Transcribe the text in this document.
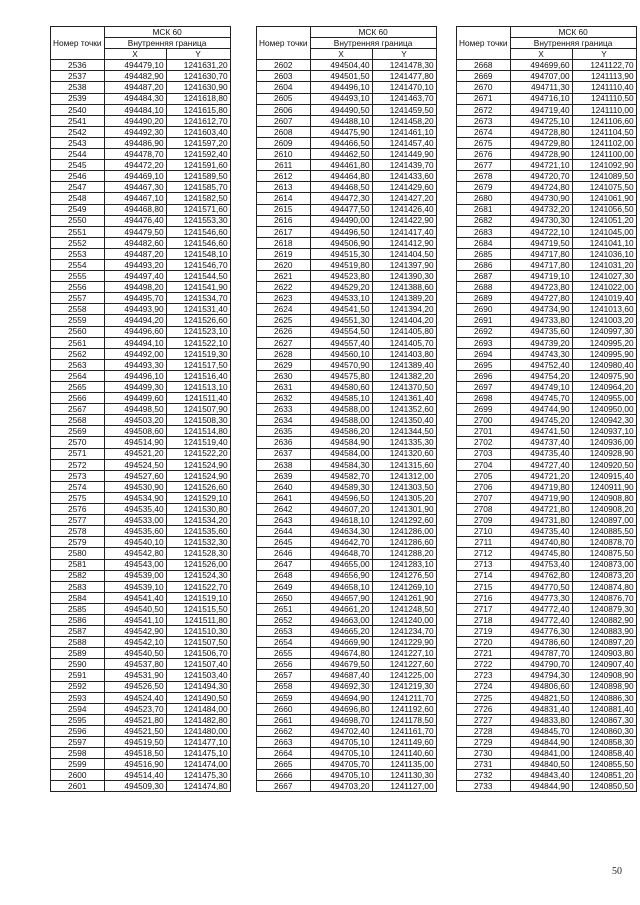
Номер точки	МСК 60	
	Внутренняя граница	
	X	Y
2536	494479,10	1241631,20
2537	494482,90	1241630,70
2538	494487,20	1241630,90
2539	494484,30	1241618,80
2540	494484,10	1241615,80
2541	494490,20	1241612,70
2542	494492,30	1241603,40
2543	494486,90	1241597,20
2544	494478,70	1241592,40
2545	494472,20	1241591,60
2546	494469,10	1241589,50
2547	494467,30	1241585,70
2548	494467,10	1241582,50
2549	494468,80	1241571,60
2550	494476,40	1241553,30
2551	494479,50	1241546,60
2552	494482,60	1241546,60
2553	494487,20	1241548,10
2554	494493,20	1241546,70
2555	494497,40	1241544,50
2556	494498,20	1241541,90
2557	494495,70	1241534,70
2558	494493,90	1241531,40
2559	494494,20	1241526,60
2560	494496,60	1241523,10
2561	494494,10	1241522,10
2562	494492,00	1241519,30
2563	494493,30	1241517,50
2564	494496,10	1241516,40
2565	494499,30	1241513,10
2566	494499,60	1241511,40
2567	494498,50	1241507,90
2568	494503,20	1241508,30
2569	494508,60	1241514,80
2570	494514,90	1241519,40
2571	494521,20	1241522,20
2572	494524,50	1241524,90
2573	494527,60	1241524,90
2574	494530,90	1241526,60
2575	494534,90	1241529,10
2576	494535,40	1241530,80
2577	494533,00	1241534,20
2578	494535,60	1241535,60
2579	494540,10	1241532,30
2580	494542,80	1241528,30
2581	494543,00	1241526,00
2582	494539,00	1241524,30
2583	494539,10	1241522,70
2584	494541,40	1241519,10
2585	494540,50	1241515,50
2586	494541,10	1241511,80
2587	494542,90	1241510,30
2588	494542,10	1241507,50
2589	494540,50	1241506,70
2590	494537,80	1241507,40
2591	494531,90	1241503,40
2592	494526,50	1241494,30
2593	494524,40	1241490,50
2594	494523,70	1241484,00
2595	494521,80	1241482,80
2596	494521,50	1241480,00
2597	494519,50	1241477,10
2598	494518,50	1241475,10
2599	494516,90	1241474,00
2600	494514,40	1241475,30
2601	494509,30	1241474,80
Номер точки	МСК 60	
	Внутренняя граница	
	X	Y
2602	494504,40	1241478,30
2603	494501,50	1241477,80
2604	494496,10	1241470,10
2605	494493,10	1241463,70
2606	494490,50	1241459,50
2607	494488,10	1241458,20
2608	494475,90	1241461,10
2609	494466,50	1241457,40
2610	494462,50	1241449,90
2611	494461,80	1241439,70
2612	494464,80	1241433,60
2613	494468,50	1241429,60
2614	494472,30	1241427,20
2615	494477,50	1241426,40
2616	494490,00	1241422,90
2617	494496,50	1241417,40
2618	494506,90	1241412,90
2619	494515,30	1241404,50
2620	494519,80	1241397,90
2621	494523,80	1241390,30
2622	494529,20	1241388,60
2623	494533,10	1241389,20
2624	494541,50	1241394,20
2625	494551,30	1241404,20
2626	494554,50	1241405,80
2627	494557,40	1241405,70
2628	494560,10	1241403,80
2629	494570,90	1241389,40
2630	494575,80	1241382,20
2631	494580,60	1241370,50
2632	494585,10	1241361,40
2633	494588,00	1241352,60
2634	494588,00	1241350,40
2635	494586,20	1241344,50
2636	494584,90	1241335,30
2637	494584,00	1241320,60
2638	494584,30	1241315,60
2639	494582,70	1241312,00
2640	494589,30	1241303,50
2641	494596,50	1241305,20
2642	494607,20	1241301,90
2643	494618,10	1241292,60
2644	494634,30	1241286,00
2645	494642,70	1241286,60
2646	494648,70	1241288,20
2647	494655,00	1241283,10
2648	494656,90	1241276,50
2649	494658,10	1241269,10
2650	494657,90	1241261,90
2651	494661,20	1241248,50
2652	494663,00	1241240,00
2653	494665,20	1241234,70
2654	494669,90	1241229,90
2655	494674,80	1241227,10
2656	494679,50	1241227,60
2657	494687,40	1241225,00
2658	494692,30	1241219,30
2659	494694,90	1241211,70
2660	494696,80	1241192,60
2661	494698,70	1241178,50
2662	494702,40	1241161,70
2663	494705,10	1241149,60
2664	494705,10	1241140,60
2665	494705,70	1241135,00
2666	494705,10	1241130,30
2667	494703,20	1241127,00
Номер точки	МСК 60	
	Внутренняя граница	
	X	Y
2668	494699,60	1241122,70
2669	494707,00	1241113,90
2670	494711,30	1241110,40
2671	494716,10	1241110,50
2672	494719,40	1241110,00
2673	494725,10	1241106,60
2674	494728,80	1241104,50
2675	494729,80	1241102,00
2676	494728,90	1241100,00
2677	494721,10	1241092,90
2678	494720,70	1241089,50
2679	494724,80	1241075,50
2680	494730,90	1241061,90
2681	494732,20	1241056,50
2682	494730,30	1241051,20
2683	494722,10	1241045,00
2684	494719,50	1241041,10
2685	494717,80	1241036,10
2686	494717,80	1241031,20
2687	494719,10	1241027,30
2688	494723,80	1241022,00
2689	494727,80	1241019,40
2690	494734,90	1241013,60
2691	494733,80	1241003,20
2692	494735,60	1240997,30
2693	494739,20	1240995,20
2694	494743,30	1240995,90
2695	494752,40	1240980,40
2696	494754,20	1240975,90
2697	494749,10	1240964,20
2698	494745,70	1240955,00
2699	494744,90	1240950,00
2700	494745,20	1240942,30
2701	494741,50	1240937,10
2702	494737,40	1240936,00
2703	494735,40	1240928,90
2704	494727,40	1240920,50
2705	494721,20	1240915,40
2706	494719,80	1240911,90
2707	494719,90	1240908,80
2708	494721,80	1240908,20
2709	494731,80	1240897,00
2710	494735,40	1240885,50
2711	494740,80	1240878,70
2712	494745,80	1240875,50
2713	494753,40	1240873,00
2714	494762,80	1240873,20
2715	494770,50	1240874,80
2716	494773,30	1240876,70
2717	494772,40	1240879,30
2718	494772,40	1240882,90
2719	494776,30	1240883,90
2720	494786,60	1240897,20
2721	494787,70	1240903,80
2722	494790,70	1240907,40
2723	494794,30	1240908,90
2724	494806,60	1240898,90
2725	494821,50	1240886,30
2726	494831,40	1240881,40
2727	494833,80	1240867,30
2728	494845,70	1240860,30
2729	494844,90	1240858,30
2730	494841,00	1240858,40
2731	494840,50	1240855,50
2732	494843,40	1240851,20
2733	494844,90	1240850,50
50
